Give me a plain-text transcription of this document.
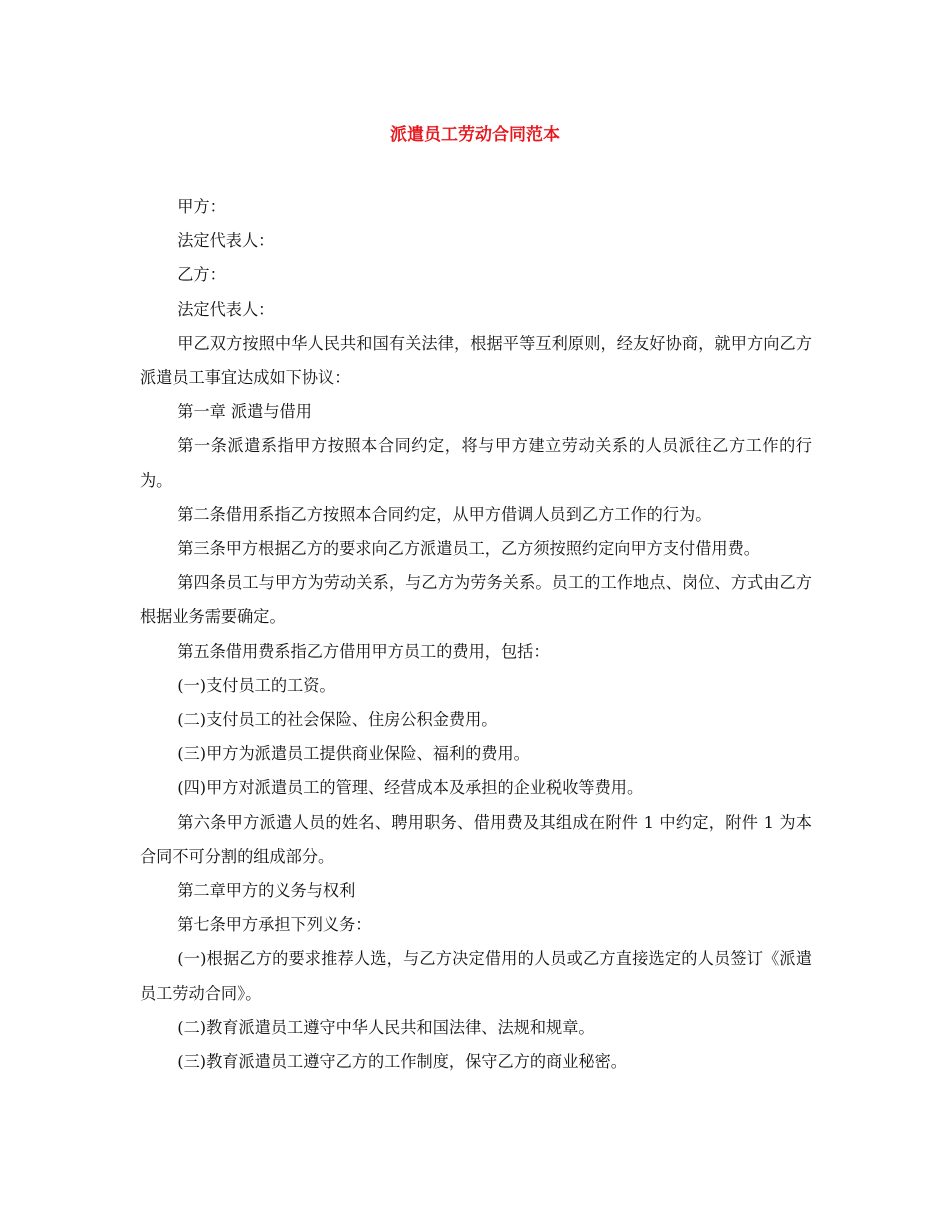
派遣员工劳动合同范本

甲方：

法定代表人：

乙方：

法定代表人：

甲乙双方按照中华人民共和国有关法律，根据平等互利原则，经友好协商，就甲方向乙方派遣员工事宜达成如下协议：

第一章 派遣与借用

第一条派遣系指甲方按照本合同约定，将与甲方建立劳动关系的人员派往乙方工作的行为。

第二条借用系指乙方按照本合同约定，从甲方借调人员到乙方工作的行为。

第三条甲方根据乙方的要求向乙方派遣员工，乙方须按照约定向甲方支付借用费。

第四条员工与甲方为劳动关系，与乙方为劳务关系。员工的工作地点、岗位、方式由乙方根据业务需要确定。

第五条借用费系指乙方借用甲方员工的费用，包括：

(一)支付员工的工资。

(二)支付员工的社会保险、住房公积金费用。

(三)甲方为派遣员工提供商业保险、福利的费用。

(四)甲方对派遣员工的管理、经营成本及承担的企业税收等费用。

第六条甲方派遣人员的姓名、聘用职务、借用费及其组成在附件 1 中约定，附件 1 为本合同不可分割的组成部分。

第二章甲方的义务与权利

第七条甲方承担下列义务：

(一)根据乙方的要求推荐人选，与乙方决定借用的人员或乙方直接选定的人员签订《派遣员工劳动合同》。

(二)教育派遣员工遵守中华人民共和国法律、法规和规章。

(三)教育派遣员工遵守乙方的工作制度，保守乙方的商业秘密。
